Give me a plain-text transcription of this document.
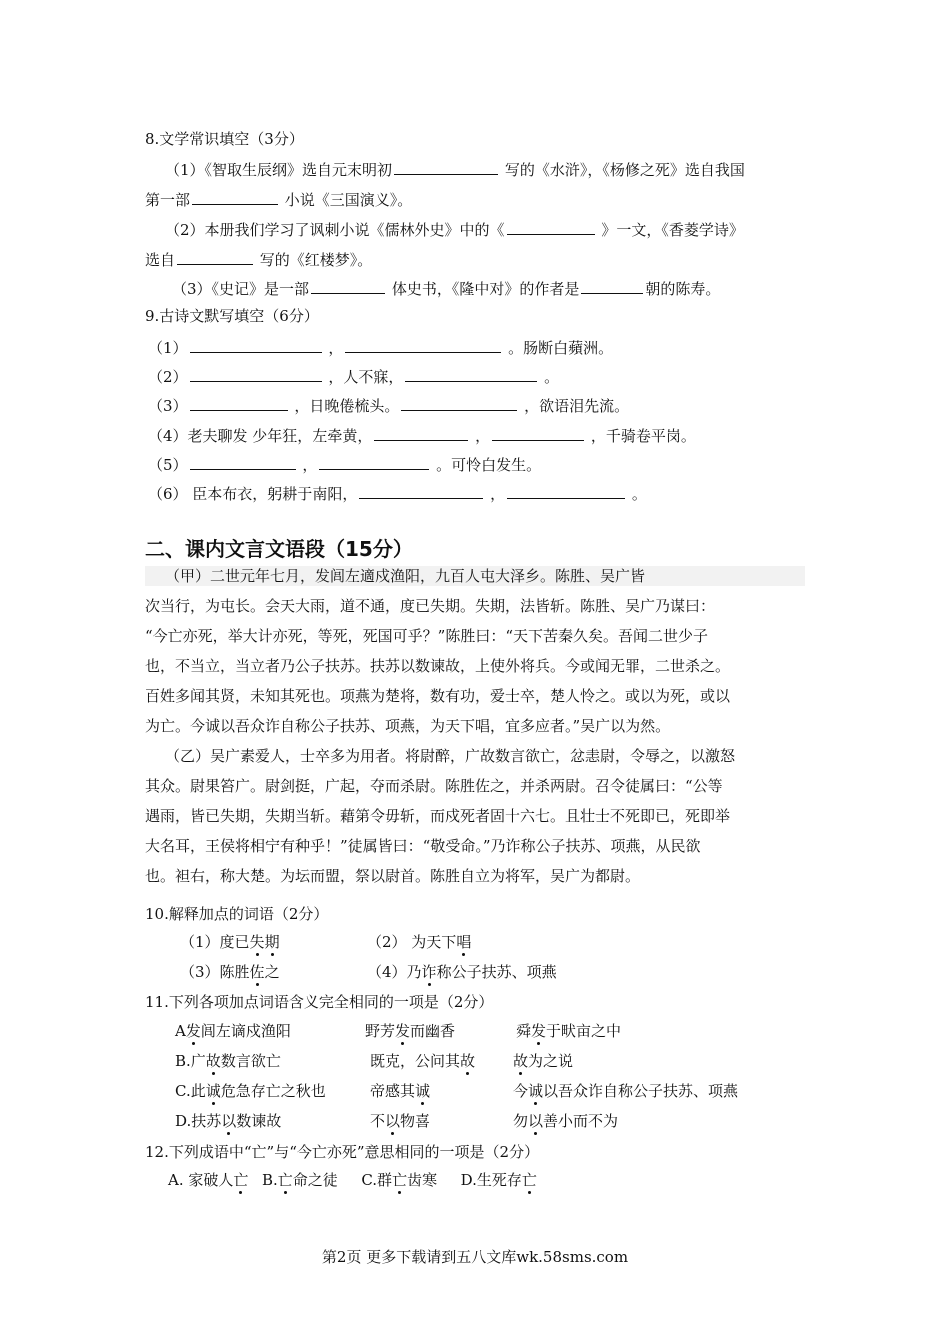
8.文学常识填空（3分）
（1）《智取生辰纲》选自元末明初	写的《水浒》，《杨修之死》选自我国
第一部	小说《三国演义》。
（2）本册我们学习了讽刺小说《儒林外史》中的《	》一文，《香菱学诗》
选自	写的《红楼梦》。
（3）《史记》是一部	体史书，《隆中对》的作者是	朝的陈寿。
9.古诗文默写填空（6分）
（1）	，	。肠断白蘋洲。
（2）	，人不寐，	。
（3）	，日晚倦梳头。	，欲语泪先流。
（4）老夫聊发 少年狂，左牵黄，	，	，千骑卷平岗。
（5）	，	。可怜白发生。
（6） 臣本布衣，躬耕于南阳，	，	。
二、课内文言文语段（15分）
（甲）二世元年七月，发闾左適戍渔阳，九百人屯大泽乡。陈胜、吴广皆
次当行，为屯长。会天大雨，道不通，度已失期。失期，法皆斩。陈胜、吴广乃谋曰：
“今亡亦死，举大计亦死，等死，死国可乎？”陈胜曰：“天下苦秦久矣。吾闻二世少子
也，不当立，当立者乃公子扶苏。扶苏以数谏故，上使外将兵。今或闻无罪，二世杀之。
百姓多闻其贤，未知其死也。项燕为楚将，数有功，爱士卒，楚人怜之。或以为死，或以
为亡。今诚以吾众诈自称公子扶苏、项燕，为天下唱，宜多应者。”吴广以为然。
（乙）吴广素爱人，士卒多为用者。将尉醉，广故数言欲亡，忿恚尉，令辱之，以激怒
其众。尉果笞广。尉剑挺，广起，夺而杀尉。陈胜佐之，并杀两尉。召令徒属曰：“公等
遇雨，皆已失期，失期当斩。藉第令毋斩，而戍死者固十六七。且壮士不死即已，死即举
大名耳，王侯将相宁有种乎！”徒属皆曰：“敬受命。”乃诈称公子扶苏、项燕，从民欲
也。袒右，称大楚。为坛而盟，祭以尉首。陈胜自立为将军，吴广为都尉。
10.解释加点的词语（2分）
（1）度已失期	（2） 为天下唱
（3）陈胜佐之	（4）乃诈称公子扶苏、项燕
11.下列各项加点词语含义完全相同的一项是（2分）
A发闾左谪戍渔阳	野芳发而幽香	舜发于畎亩之中
B.广故数言欲亡	既克，公问其故	故为之说
C.此诚危急存亡之秋也	帝感其诚	今诚以吾众诈自称公子扶苏、项燕
D.扶苏以数谏故	不以物喜	勿以善小而不为
12.下列成语中“亡”与“今亡亦死”意思相同的一项是（2分）
A. 家破人亡 B.亡命之徒 C.群亡齿寒 D.生死存亡
第2页 更多下载请到五八文库wk.58sms.com
